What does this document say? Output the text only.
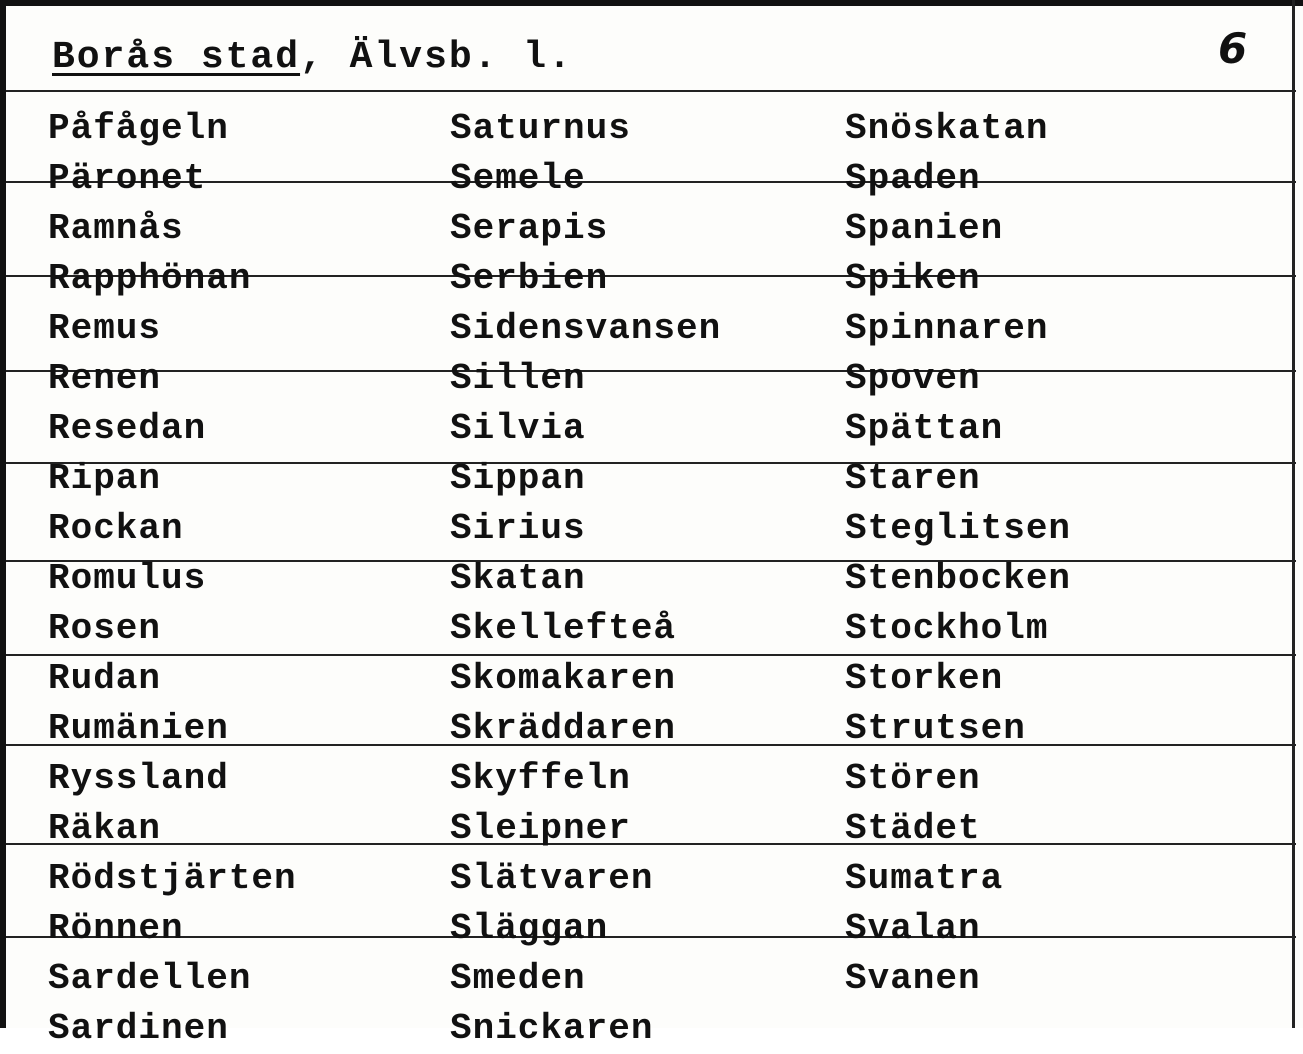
Borås stad, Älvsb. l.	6
Påfågeln
Päronet
Ramnås
Rapphönan
Remus
Renen
Resedan
Ripan
Rockan
Romulus
Rosen
Rudan
Rumänien
Ryssland
Räkan
Rödstjärten
Rönnen
Sardellen
Sardinen
Saturnus
Semele
Serapis
Serbien
Sidensvansen
Sillen
Silvia
Sippan
Sirius
Skatan
Skellefteå
Skomakaren
Skräddaren
Skyffeln
Sleipner
Slätvaren
Släggan
Smeden
Snickaren
Snöskatan
Spaden
Spanien
Spiken
Spinnaren
Spoven
Spättan
Staren
Steglitsen
Stenbocken
Stockholm
Storken
Strutsen
Stören
Städet
Sumatra
Svalan
Svanen
